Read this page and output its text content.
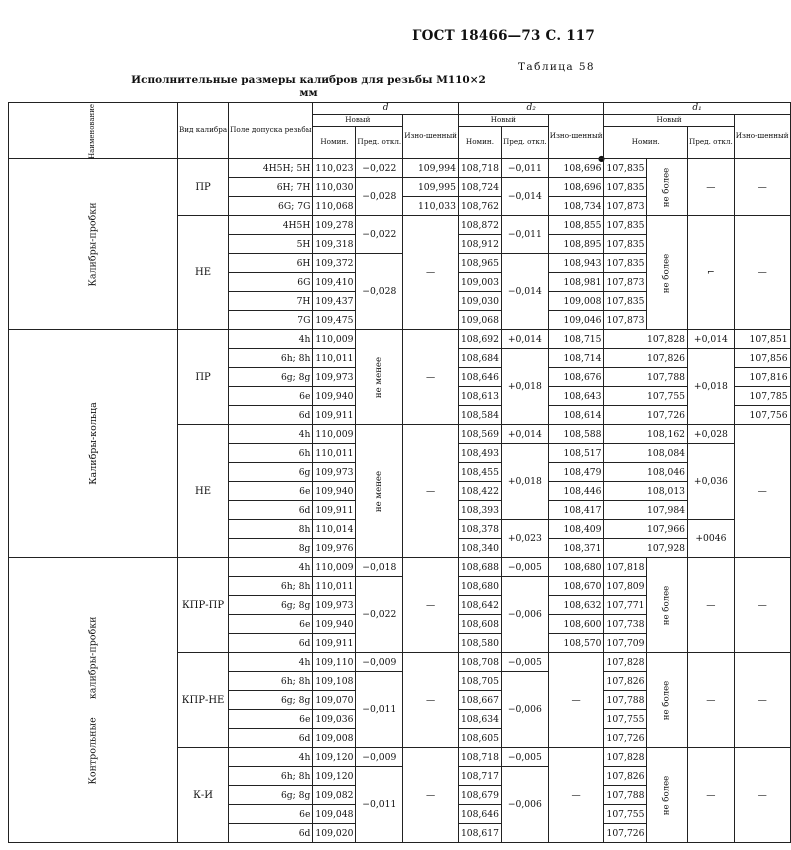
ГОСТ 18466—73 С. 117
Таблица 58
Исполнительные размеры калибров для резьбы М110×2
мм
●
Наименование	Вид калибра	Поле допуска резьбы	d			d₂			d₁			
			Новый		Изно-шенный	Новый		Изно-шенный	Новый			Изно-шенный
			Номин.	Пред. откл.		Номин.	Пред. откл.		Номин.		Пред. откл.	
Калибры-пробки	ПР	4H5H; 5H	110,023	−0,022	109,994	108,718	−0,011	108,696	107,835	не более	—	—
		6H; 7H	110,030	−0,028	109,995	108,724	−0,014	108,696	107,835			
		6G; 7G	110,068		110,033	108,762		108,734	107,873			
	НЕ	4H5H	109,278	−0,022	—	108,872	−0,011	108,855	107,835	не более	⌐	—
		5H	109,318			108,912		108,895	107,835			
		6H	109,372	−0,028		108,965	−0,014	108,943	107,835			
		6G	109,410			109,003		108,981	107,873			
		7H	109,437			109,030		109,008	107,835			
		7G	109,475			109,068		109,046	107,873			
Калибры-кольца	ПР	4h	110,009	не менее	—	108,692	+0,014	108,715	107,828		+0,014	107,851
		6h; 8h	110,011			108,684	+0,018	108,714	107,826		+0,018	107,856
		6g; 8g	109,973			108,646		108,676	107,788			107,816
		6e	109,940			108,613		108,643	107,755			107,785
		6d	109,911			108,584		108,614	107,726			107,756
	НЕ	4h	110,009	не менее	—	108,569	+0,014	108,588	108,162		+0,028	—
		6h	110,011			108,493	+0,018	108,517	108,084		+0,036	
		6g	109,973			108,455		108,479	108,046			
		6e	109,940			108,422		108,446	108,013			
		6d	109,911			108,393		108,417	107,984			
		8h	110,014			108,378	+0,023	108,409	107,966		+0046	
		8g	109,976			108,340		108,371	107,928			
Контрольные      калибры-пробки	КПР-ПР	4h	110,009	−0,018	—	108,688	−0,005	108,680	107,818	не более	—	—
		6h; 8h	110,011	−0,022		108,680	−0,006	108,670	107,809			
		6g; 8g	109,973			108,642		108,632	107,771			
		6e	109,940			108,608		108,600	107,738			
		6d	109,911			108,580		108,570	107,709			
	КПР-НЕ	4h	109,110	−0,009	—	108,708	−0,005	—	107,828	не более	—	—
		6h; 8h	109,108	−0,011		108,705	−0,006		107,826			
		6g; 8g	109,070			108,667			107,788			
		6e	109,036			108,634			107,755			
		6d	109,008			108,605			107,726			
	К-И	4h	109,120	−0,009	—	108,718	−0,005	—	107,828	не более	—	—
		6h; 8h	109,120	−0,011		108,717	−0,006		107,826			
		6g; 8g	109,082			108,679			107,788			
		6e	109,048			108,646			107,755			
		6d	109,020			108,617			107,726			
